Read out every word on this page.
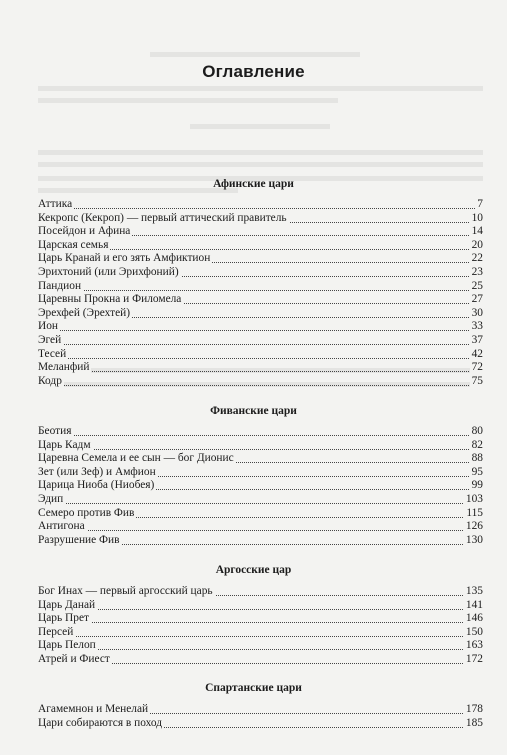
Оглавление
Афинские цари
Аттика	7
Кекропс (Кекроп) — первый аттический правитель	10
Посейдон и Афина	14
Царская семья	20
Царь Кранай и его зять Амфиктион	22
Эрихтоний (или Эрихфоний)	23
Пандион	25
Царевны Прокна и Филомела	27
Эрехфей (Эрехтей)	30
Ион	33
Эгей	37
Тесей	42
Меланфий	72
Кодр	75
Фиванские цари
Беотия	80
Царь Кадм	82
Царевна Семела и ее сын — бог Дионис	88
Зет (или Зеф) и Амфион	95
Царица Ниоба (Ниобея)	99
Эдип	103
Семеро против Фив	115
Антигона	126
Разрушение Фив	130
Аргосские цар
Бог Инах — первый аргосский царь	135
Царь Данай	141
Царь Прет	146
Персей	150
Царь Пелоп	163
Атрей и Фиест	172
Спартанские цари
Агамемнон и Менелай	178
Цари собираются в поход	185
